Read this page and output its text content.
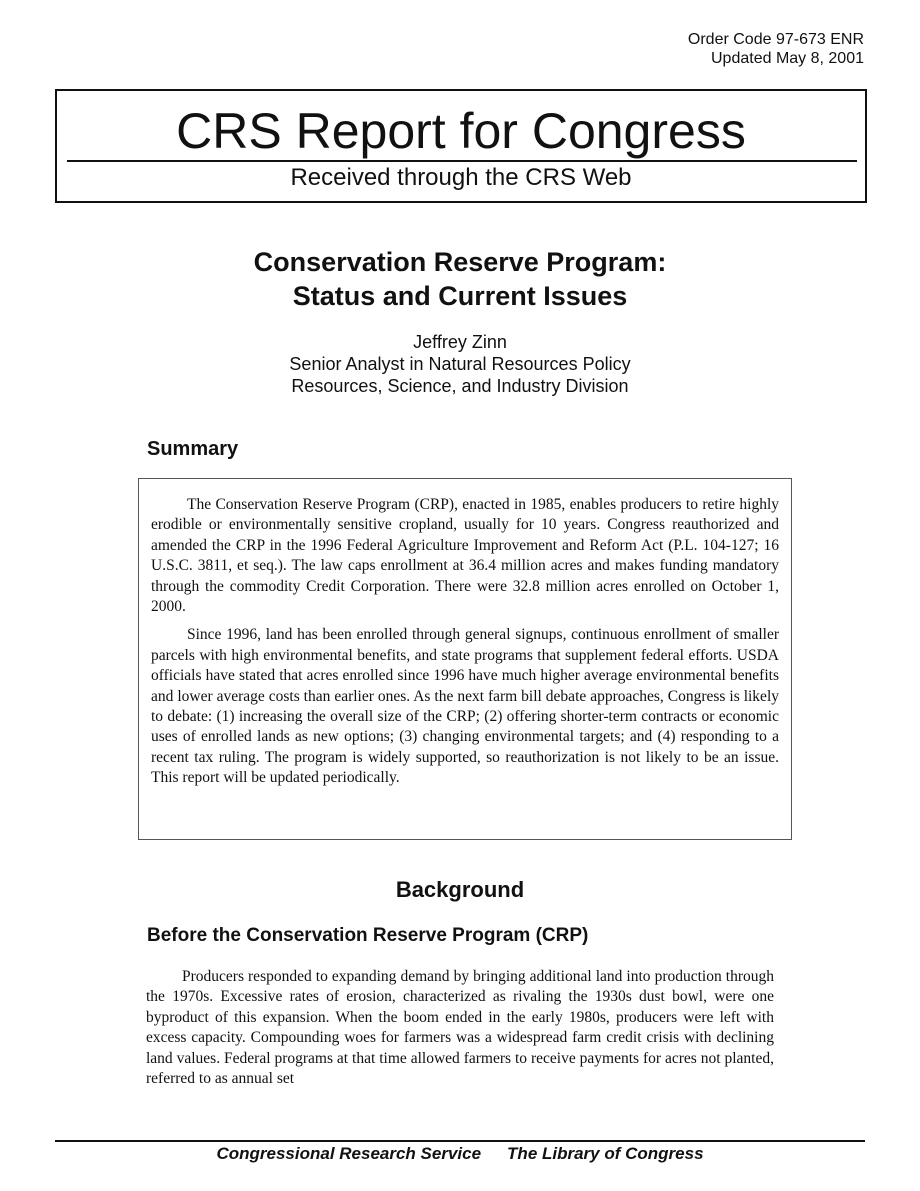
Order Code 97-673 ENR
Updated May 8, 2001
CRS Report for Congress
Received through the CRS Web
Conservation Reserve Program:
Status and Current Issues
Jeffrey Zinn
Senior Analyst in Natural Resources Policy
Resources, Science, and Industry Division
Summary

The Conservation Reserve Program (CRP), enacted in 1985, enables producers to retire highly erodible or environmentally sensitive cropland, usually for 10 years. Congress reauthorized and amended the CRP in the 1996 Federal Agriculture Improvement and Reform Act (P.L. 104-127; 16 U.S.C. 3811, et seq.). The law caps enrollment at 36.4 million acres and makes funding mandatory through the commodity Credit Corporation. There were 32.8 million acres enrolled on October 1, 2000.

Since 1996, land has been enrolled through general signups, continuous enrollment of smaller parcels with high environmental benefits, and state programs that supplement federal efforts. USDA officials have stated that acres enrolled since 1996 have much higher average environmental benefits and lower average costs than earlier ones. As the next farm bill debate approaches, Congress is likely to debate: (1) increasing the overall size of the CRP; (2) offering shorter-term contracts or economic uses of enrolled lands as new options; (3) changing environmental targets; and (4) responding to a recent tax ruling. The program is widely supported, so reauthorization is not likely to be an issue. This report will be updated periodically.

Background
Before the Conservation Reserve Program (CRP)

Producers responded to expanding demand by bringing additional land into production through the 1970s. Excessive rates of erosion, characterized as rivaling the 1930s dust bowl, were one byproduct of this expansion. When the boom ended in the early 1980s, producers were left with excess capacity. Compounding woes for farmers was a widespread farm credit crisis with declining land values. Federal programs at that time allowed farmers to receive payments for acres not planted, referred to as annual set

Congressional Research Service The Library of Congress
